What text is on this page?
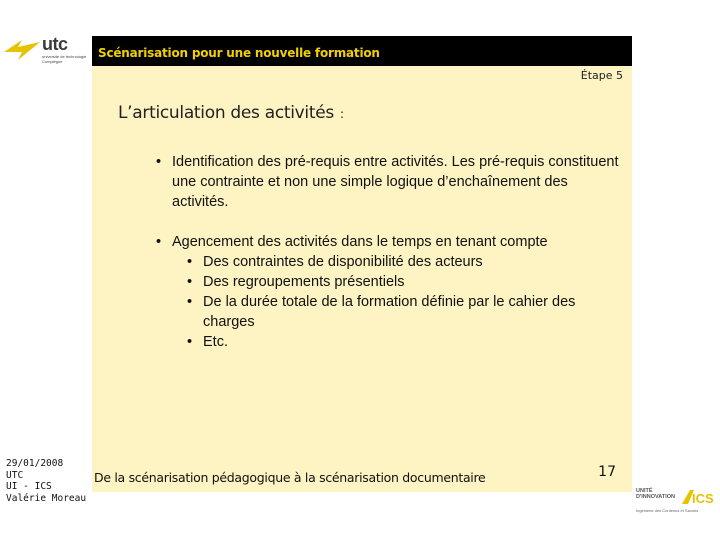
utc
université de technologie
Compiègne
Scénarisation pour une nouvelle formation
Étape 5
L’articulation des activités :
• Identification des pré-requis entre activités. Les pré-requis constituent une contrainte et non une simple logique d’enchaînement des activités.
• Agencement des activités dans le temps en tenant compte
• Des contraintes de disponibilité des acteurs
• Des regroupements présentiels
• De la durée totale de la formation définie par le cahier des charges
• Etc.
De la scénarisation pédagogique à la scénarisation documentaire	17
29/01/2008
UTC
UI - ICS
Valérie Moreau
UNITÉ
D'INNOVATION ICS
Ingénierie des Contenus et Savoirs
